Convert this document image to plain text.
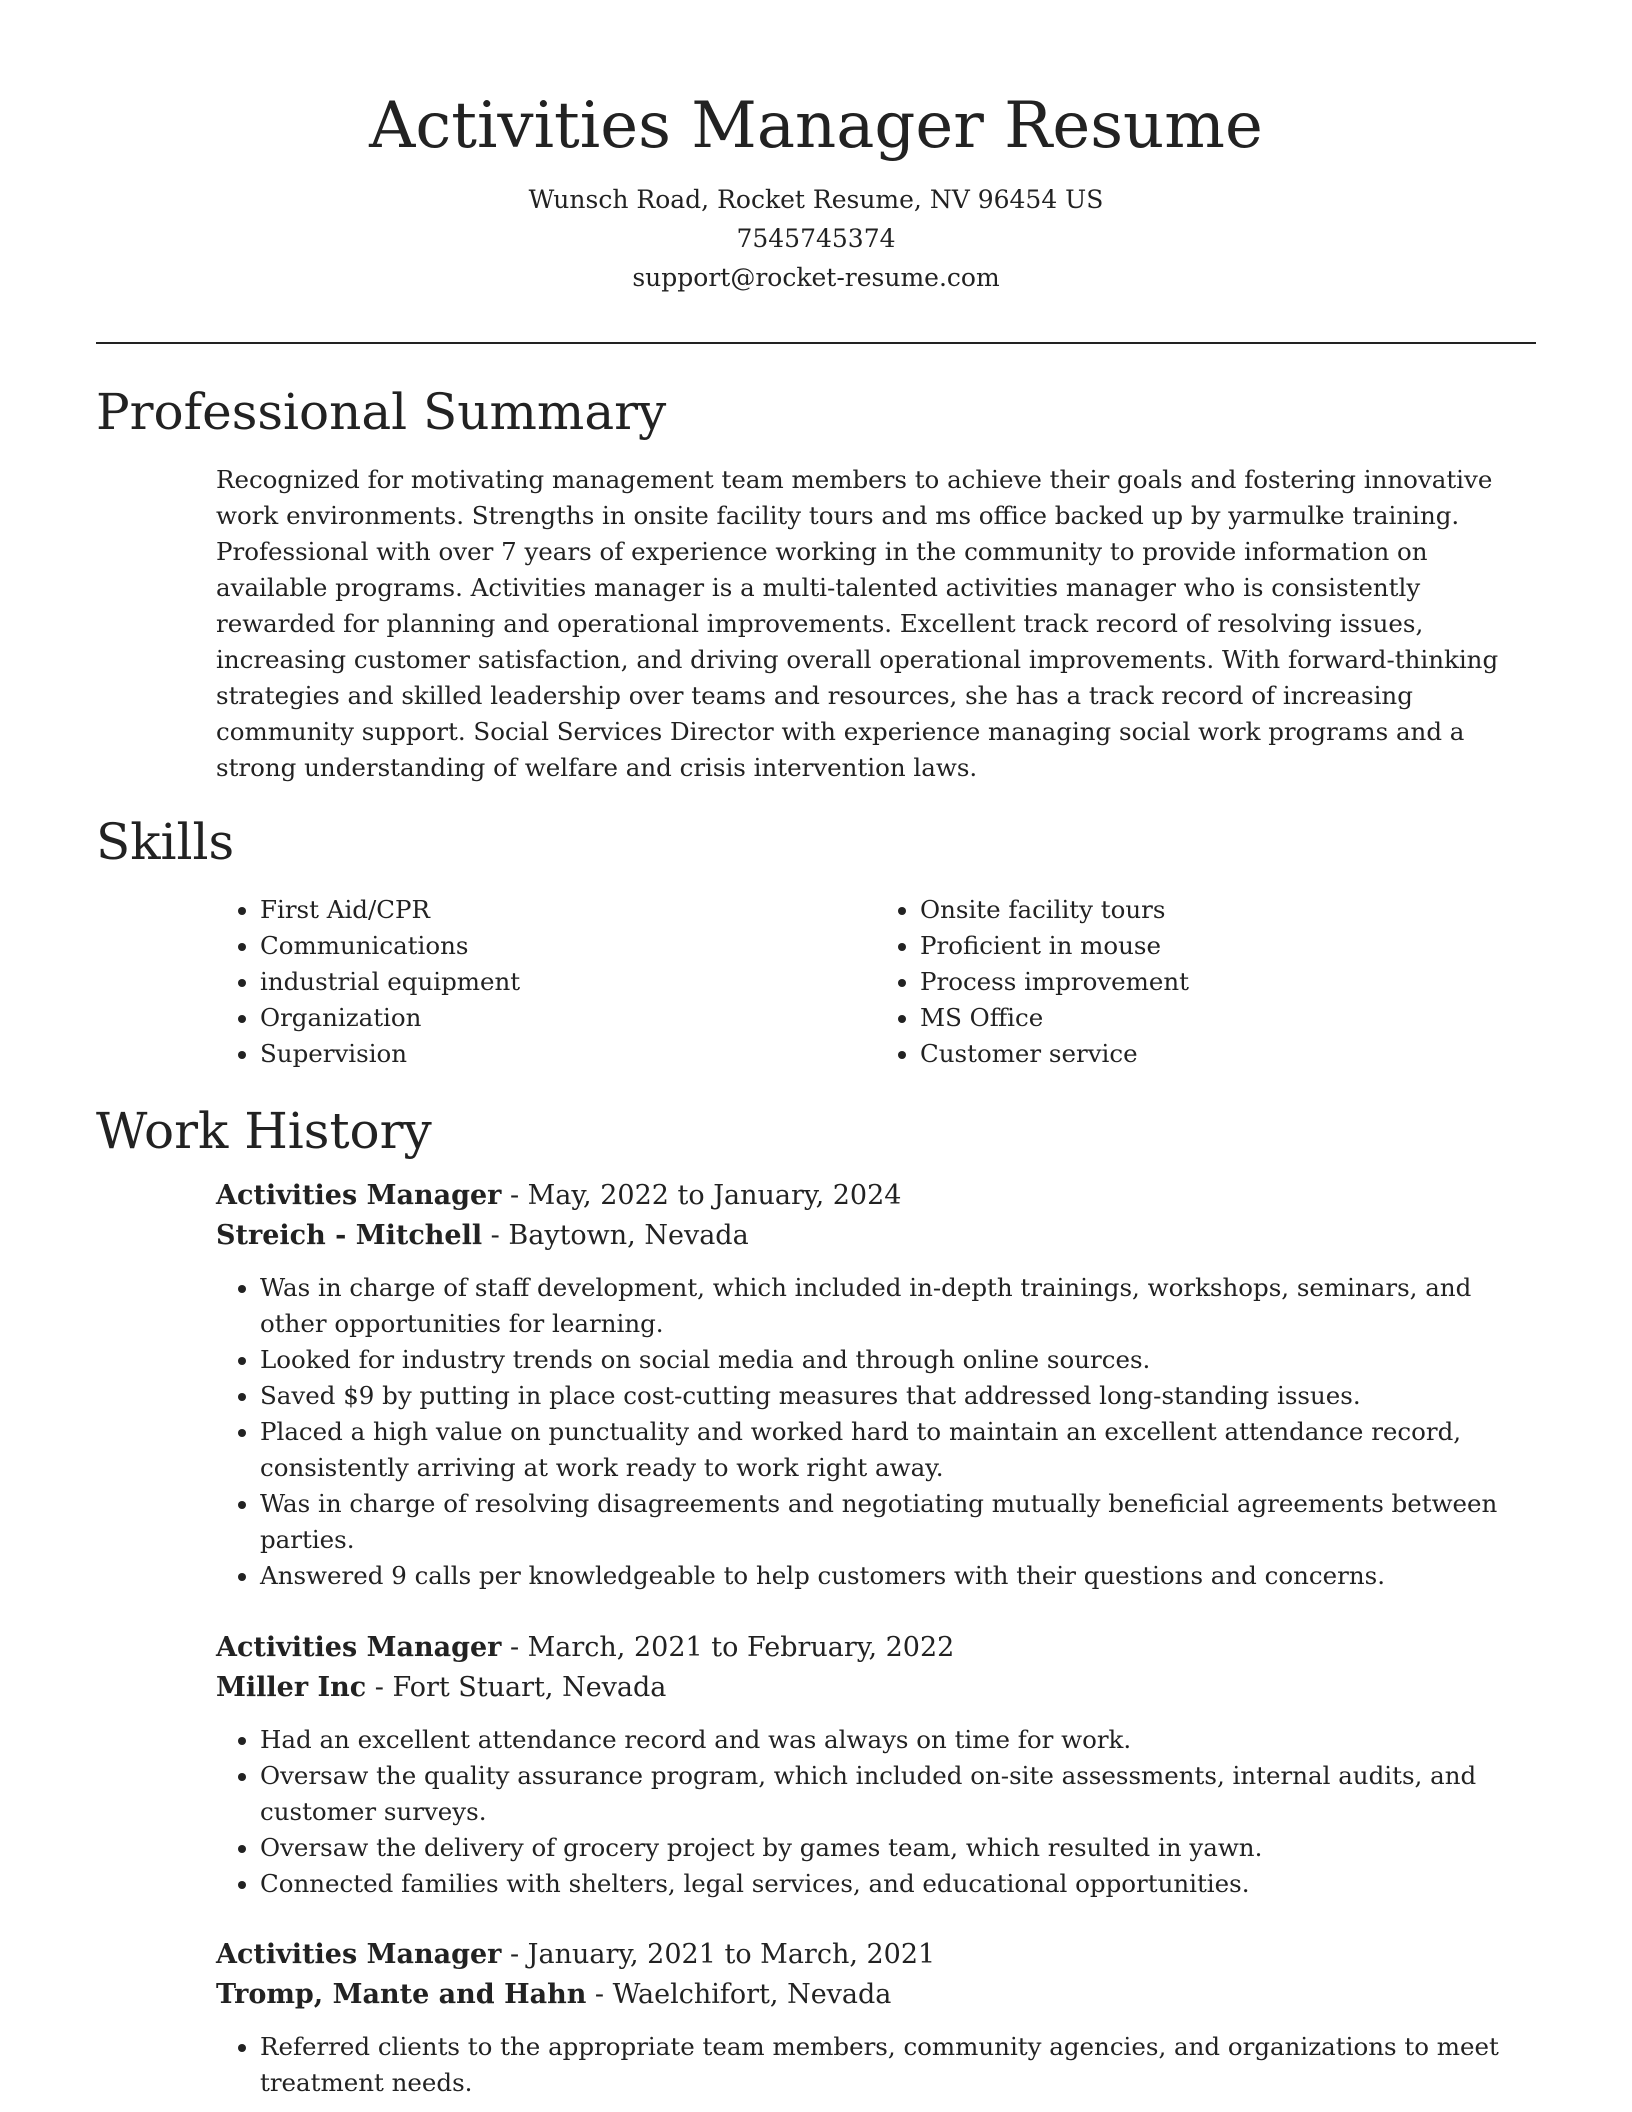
Activities Manager Resume
Wunsch Road, Rocket Resume, NV 96454 US
7545745374
support@rocket-resume.com
Professional Summary

Recognized for motivating management team members to achieve their goals and fostering innovative work environments. Strengths in onsite facility tours and ms office backed up by yarmulke training. Professional with over 7 years of experience working in the community to provide information on available programs. Activities manager is a multi-talented activities manager who is consistently rewarded for planning and operational improvements. Excellent track record of resolving issues, increasing customer satisfaction, and driving overall operational improvements. With forward-thinking strategies and skilled leadership over teams and resources, she has a track record of increasing community support. Social Services Director with experience managing social work programs and a strong understanding of welfare and crisis intervention laws.

Skills
• First Aid/CPR
• Communications
• industrial equipment
• Organization
• Supervision
• Onsite facility tours
• Proficient in mouse
• Process improvement
• MS Office
• Customer service
Work History
Activities Manager - May, 2022 to January, 2024
Streich - Mitchell - Baytown, Nevada
• Was in charge of staff development, which included in-depth trainings, workshops, seminars, and other opportunities for learning.
• Looked for industry trends on social media and through online sources.
• Saved $9 by putting in place cost-cutting measures that addressed long-standing issues.
• Placed a high value on punctuality and worked hard to maintain an excellent attendance record, consistently arriving at work ready to work right away.
• Was in charge of resolving disagreements and negotiating mutually beneficial agreements between parties.
• Answered 9 calls per knowledgeable to help customers with their questions and concerns.
Activities Manager - March, 2021 to February, 2022
Miller Inc - Fort Stuart, Nevada
• Had an excellent attendance record and was always on time for work.
• Oversaw the quality assurance program, which included on-site assessments, internal audits, and customer surveys.
• Oversaw the delivery of grocery project by games team, which resulted in yawn.
• Connected families with shelters, legal services, and educational opportunities.
Activities Manager - January, 2021 to March, 2021
Tromp, Mante and Hahn - Waelchifort, Nevada
• Referred clients to the appropriate team members, community agencies, and organizations to meet treatment needs.
